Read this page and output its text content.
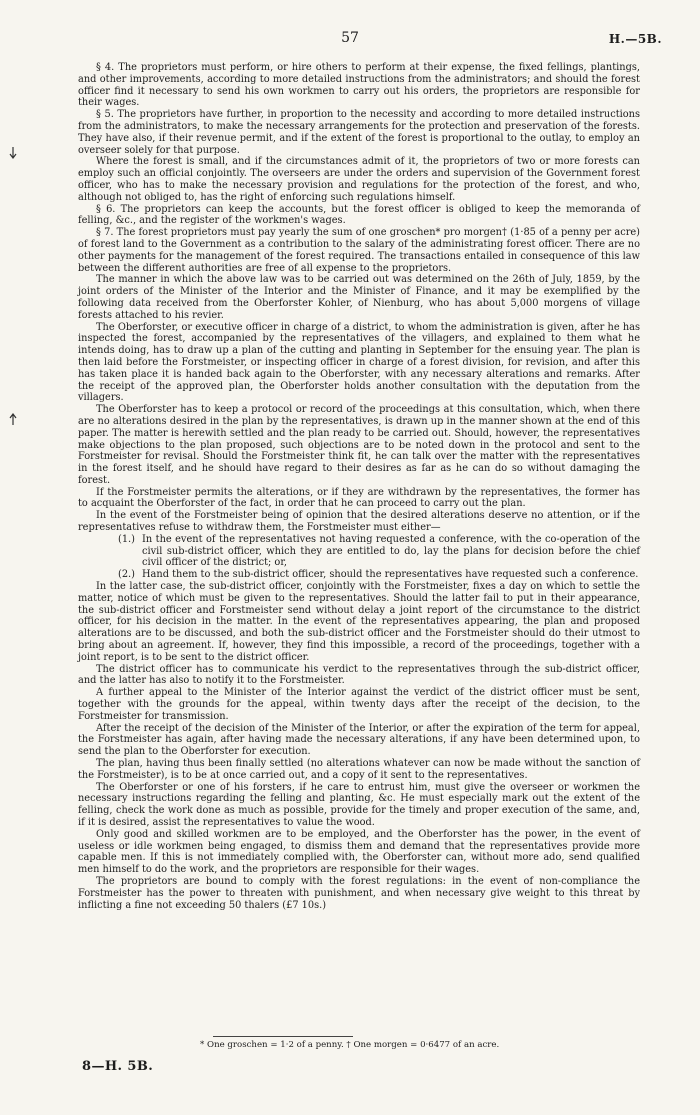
57	H.—5B.

§ 4. The proprietors must perform, or hire others to perform at their expense, the fixed fellings, plantings, and other improvements, according to more detailed instructions from the administrators; and should the forest officer find it necessary to send his own workmen to carry out his orders, the proprietors are responsible for their wages.

§ 5. The proprietors have further, in proportion to the necessity and according to more detailed instructions from the administrators, to make the necessary arrangements for the protection and preservation of the forests. They have also, if their revenue permit, and if the extent of the forest is proportional to the outlay, to employ an overseer solely for that purpose.

Where the forest is small, and if the circumstances admit of it, the proprietors of two or more forests can employ such an official conjointly. The overseers are under the orders and supervision of the Government forest officer, who has to make the necessary provision and regulations for the protection of the forest, and who, although not obliged to, has the right of enforcing such regulations himself.

§ 6. The proprietors can keep the accounts, but the forest officer is obliged to keep the memoranda of felling, &c., and the register of the workmen's wages.

§ 7. The forest proprietors must pay yearly the sum of one groschen* pro morgen† (1·85 of a penny per acre) of forest land to the Government as a contribution to the salary of the administrating forest officer. There are no other payments for the management of the forest required. The transactions entailed in consequence of this law between the different authorities are free of all expense to the proprietors.

The manner in which the above law was to be carried out was determined on the 26th of July, 1859, by the joint orders of the Minister of the Interior and the Minister of Finance, and it may be exemplified by the following data received from the Oberforster Kohler, of Nienburg, who has about 5,000 morgens of village forests attached to his revier.

The Oberforster, or executive officer in charge of a district, to whom the administration is given, after he has inspected the forest, accompanied by the representatives of the villagers, and explained to them what he intends doing, has to draw up a plan of the cutting and planting in September for the ensuing year. The plan is then laid before the Forstmeister, or inspecting officer in charge of a forest division, for revision, and after this has taken place it is handed back again to the Oberforster, with any necessary alterations and remarks. After the receipt of the approved plan, the Oberforster holds another consultation with the deputation from the villagers.

The Oberforster has to keep a protocol or record of the proceedings at this consultation, which, when there are no alterations desired in the plan by the representatives, is drawn up in the manner shown at the end of this paper. The matter is herewith settled and the plan ready to be carried out. Should, however, the representatives make objections to the plan proposed, such objections are to be noted down in the protocol and sent to the Forstmeister for revisal. Should the Forstmeister think fit, he can talk over the matter with the representatives in the forest itself, and he should have regard to their desires as far as he can do so without damaging the forest.

If the Forstmeister permits the alterations, or if they are withdrawn by the representatives, the former has to acquaint the Oberforster of the fact, in order that he can proceed to carry out the plan.

In the event of the Forstmeister being of opinion that the desired alterations deserve no attention, or if the representatives refuse to withdraw them, the Forstmeister must either—

(1.) In the event of the representatives not having requested a conference, with the co-operation of the civil sub-district officer, which they are entitled to do, lay the plans for decision before the chief civil officer of the district; or,

(2.) Hand them to the sub-district officer, should the representatives have requested such a conference.

In the latter case, the sub-district officer, conjointly with the Forstmeister, fixes a day on which to settle the matter, notice of which must be given to the representatives. Should the latter fail to put in their appearance, the sub-district officer and Forstmeister send without delay a joint report of the circumstance to the district officer, for his decision in the matter. In the event of the representatives appearing, the plan and proposed alterations are to be discussed, and both the sub-district officer and the Forstmeister should do their utmost to bring about an agreement. If, however, they find this impossible, a record of the proceedings, together with a joint report, is to be sent to the district officer.

The district officer has to communicate his verdict to the representatives through the sub-district officer, and the latter has also to notify it to the Forstmeister.

A further appeal to the Minister of the Interior against the verdict of the district officer must be sent, together with the grounds for the appeal, within twenty days after the receipt of the decision, to the Forstmeister for transmission.

After the receipt of the decision of the Minister of the Interior, or after the expiration of the term for appeal, the Forstmeister has again, after having made the necessary alterations, if any have been determined upon, to send the plan to the Oberforster for execution.

The plan, having thus been finally settled (no alterations whatever can now be made without the sanction of the Forstmeister), is to be at once carried out, and a copy of it sent to the representatives.

The Oberforster or one of his forsters, if he care to entrust him, must give the overseer or workmen the necessary instructions regarding the felling and planting, &c. He must especially mark out the extent of the felling, check the work done as much as possible, provide for the timely and proper execution of the same, and, if it is desired, assist the representatives to value the wood.

Only good and skilled workmen are to be employed, and the Oberforster has the power, in the event of useless or idle workmen being engaged, to dismiss them and demand that the representatives provide more capable men. If this is not immediately complied with, the Oberforster can, without more ado, send qualified men himself to do the work, and the proprietors are responsible for their wages.

The proprietors are bound to comply with the forest regulations: in the event of non-compliance the Forstmeister has the power to threaten with punishment, and when necessary give weight to this threat by inflicting a fine not exceeding 50 thalers (£7 10s.)

* One groschen = 1·2 of a penny. † One morgen = 0·6477 of an acre.
8—H. 5B.
